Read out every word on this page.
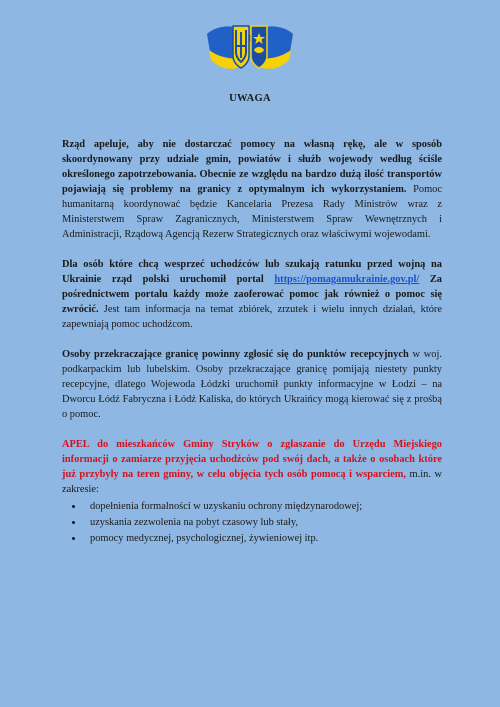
UWAGA

Rząd apeluje, aby nie dostarczać pomocy na własną rękę, ale w sposób skoordynowany przy udziale gmin, powiatów i służb wojewody według ściśle określonego zapotrzebowania. Obecnie ze względu na bardzo dużą ilość transportów pojawiają się problemy na granicy z optymalnym ich wykorzystaniem. Pomoc humanitarną koordynować będzie Kancelaria Prezesa Rady Ministrów wraz z Ministerstwem Spraw Zagranicznych, Ministerstwem Spraw Wewnętrznych i Administracji, Rządową Agencją Rezerw Strategicznych oraz właściwymi wojewodami.

Dla osób które chcą wesprzeć uchodźców lub szukają ratunku przed wojną na Ukrainie rząd polski uruchomił portal https://pomagamukrainie.gov.pl/ Za pośrednictwem portalu każdy może zaoferować pomoc jak również o pomoc się zwrócić. Jest tam informacja na temat zbiórek, zrzutek i wielu innych działań, które zapewniają pomoc uchodźcom.

Osoby przekraczające granicę powinny zgłosić się do punktów recepcyjnych w woj. podkarpackim lub lubelskim. Osoby przekraczające granicę pomijają niestety punkty recepcyjne, dlatego Wojewoda Łódzki uruchomił punkty informacyjne w Łodzi – na Dworcu Łódź Fabryczna i Łódź Kaliska, do których Ukraińcy mogą kierować się z prośbą o pomoc.

APEL do mieszkańców Gminy Stryków o zgłaszanie do Urzędu Miejskiego informacji o zamiarze przyjęcia uchodźców pod swój dach, a także o osobach które już przybyły na teren gminy, w celu objęcia tych osób pomocą i wsparciem, m.in. w zakresie:

• dopełnienia formalności w uzyskaniu ochrony międzynarodowej;
• uzyskania zezwolenia na pobyt czasowy lub stały,
• pomocy medycznej, psychologicznej, żywieniowej itp.
